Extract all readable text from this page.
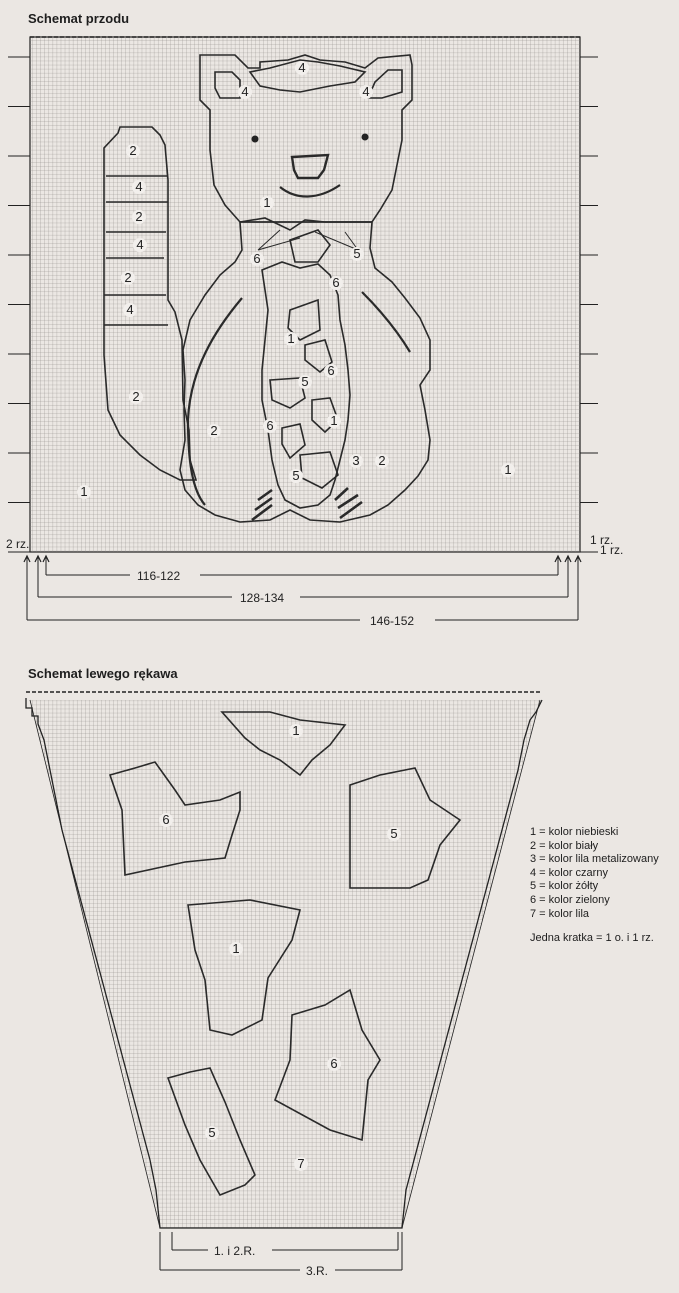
Schemat przodu
Schemat lewego rękawa
4
4	4
2
4
2
4
2
4
2
2
1
1
1
6	5
6
1
6
5
1
6
5
3 2
2 rz.	1 rz.
1 rz.
116-122
128-134
146-152
1
6
5
1
6
5
7
1. i 2.R.
3.R.
1 = kolor niebieski
2 = kolor biały
3 = kolor lila metalizowany
4 = kolor czarny
5 = kolor żółty
6 = kolor zielony
7 = kolor lila
Jedna kratka = 1 o. i 1 rz.
